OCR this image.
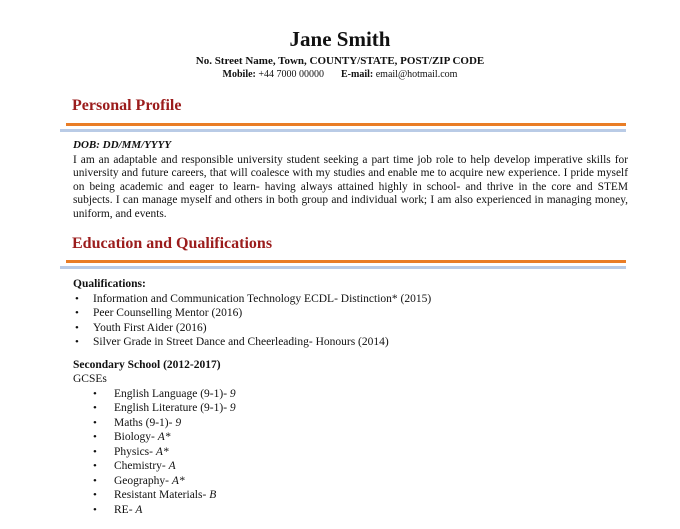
Jane Smith
No. Street Name, Town, COUNTY/STATE, POST/ZIP CODE
Mobile: +44 7000 00000 E-mail: email@hotmail.com
Personal Profile
DOB: DD/MM/YYYY
I am an adaptable and responsible university student seeking a part time job role to help develop imperative skills for university and future careers, that will coalesce with my studies and enable me to acquire new experience. I pride myself on being academic and eager to learn- having always attained highly in school- and thrive in the core and STEM subjects. I can manage myself and others in both group and individual work; I am also experienced in managing money, uniform, and events.
Education and Qualifications
Qualifications:
• Information and Communication Technology ECDL- Distinction* (2015)
• Peer Counselling Mentor (2016)
• Youth First Aider (2016)
• Silver Grade in Street Dance and Cheerleading- Honours (2014)
Secondary School (2012-2017)
GCSEs
• English Language (9-1)- 9
• English Literature (9-1)- 9
• Maths (9-1)- 9
• Biology- A*
• Physics- A*
• Chemistry- A
• Geography- A*
• Resistant Materials- B
• RE- A
